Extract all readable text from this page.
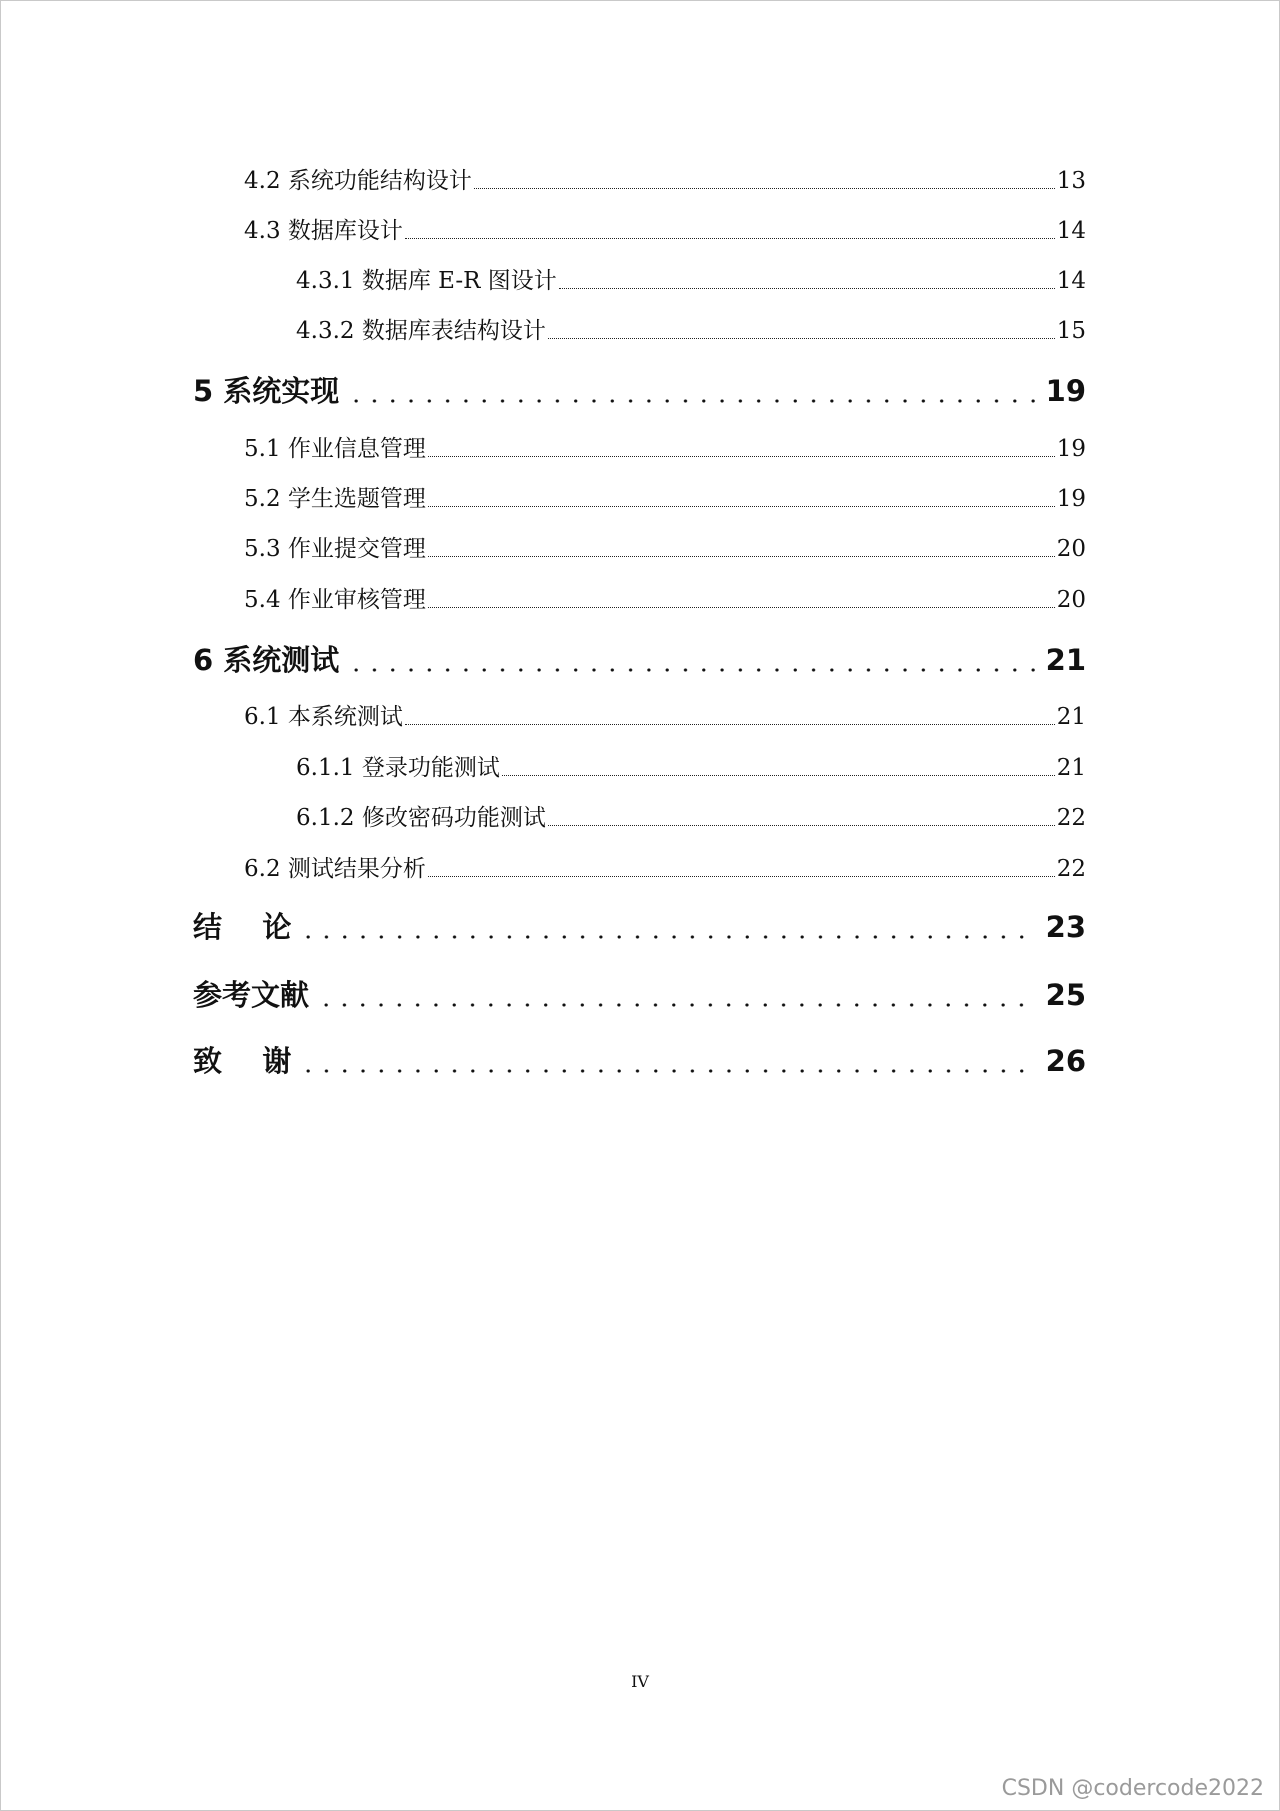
4.2 系统功能结构设计	13
4.3 数据库设计	14
4.3.1 数据库 E-R 图设计	14
4.3.2 数据库表结构设计	15
5 系统实现	19
5.1 作业信息管理	19
5.2 学生选题管理	19
5.3 作业提交管理	20
5.4 作业审核管理	20
6 系统测试	21
6.1 本系统测试	21
6.1.1 登录功能测试	21
6.1.2 修改密码功能测试	22
6.2 测试结果分析	22
结    论	23
参考文献	25
致    谢	26
IV
CSDN @codercode2022
